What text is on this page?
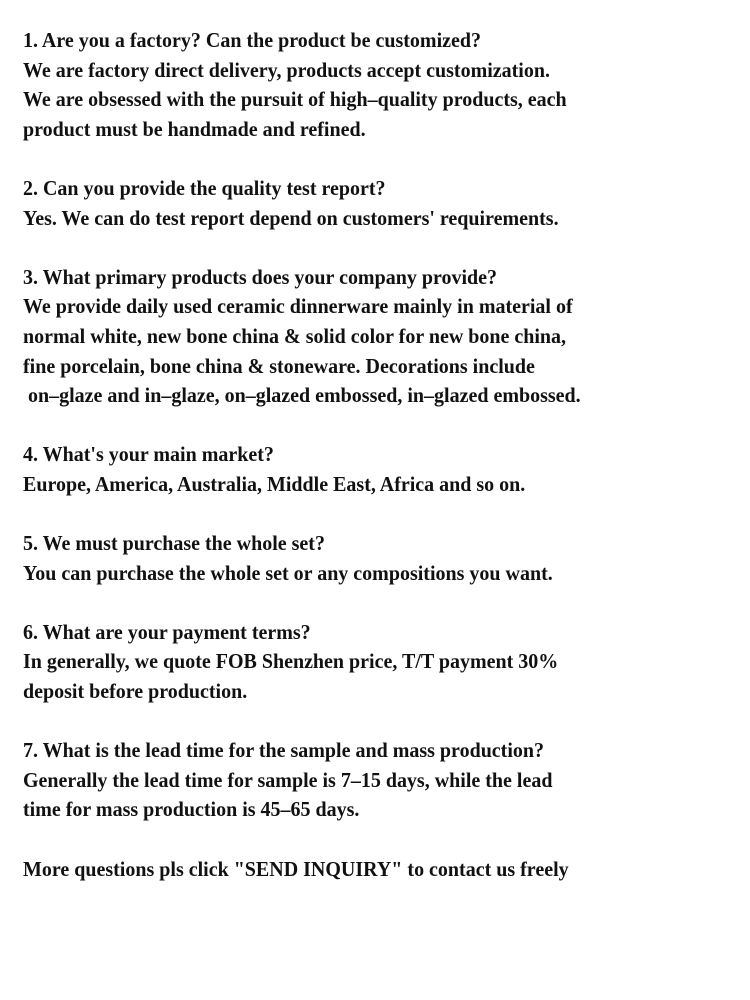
1. Are you a factory? Can the product be customized?
We are factory direct delivery, products accept customization.
We are obsessed with the pursuit of high–quality products, each
product must be handmade and refined.
2. Can you provide the quality test report?
Yes. We can do test report depend on customers' requirements.
3. What primary products does your company provide?
We provide daily used ceramic dinnerware mainly in material of
normal white, new bone china & solid color for new bone china,
fine porcelain, bone china & stoneware. Decorations include
on–glaze and in–glaze, on–glazed embossed, in–glazed embossed.
4. What's your main market?
Europe, America, Australia, Middle East, Africa and so on.
5. We must purchase the whole set?
You can purchase the whole set or any compositions you want.
6. What are your payment terms?
In generally, we quote FOB Shenzhen price, T/T payment 30%
deposit before production.
7. What is the lead time for the sample and mass production?
Generally the lead time for sample is 7–15 days, while the lead
time for mass production is 45–65 days.
More questions pls click "SEND INQUIRY" to contact us freely
